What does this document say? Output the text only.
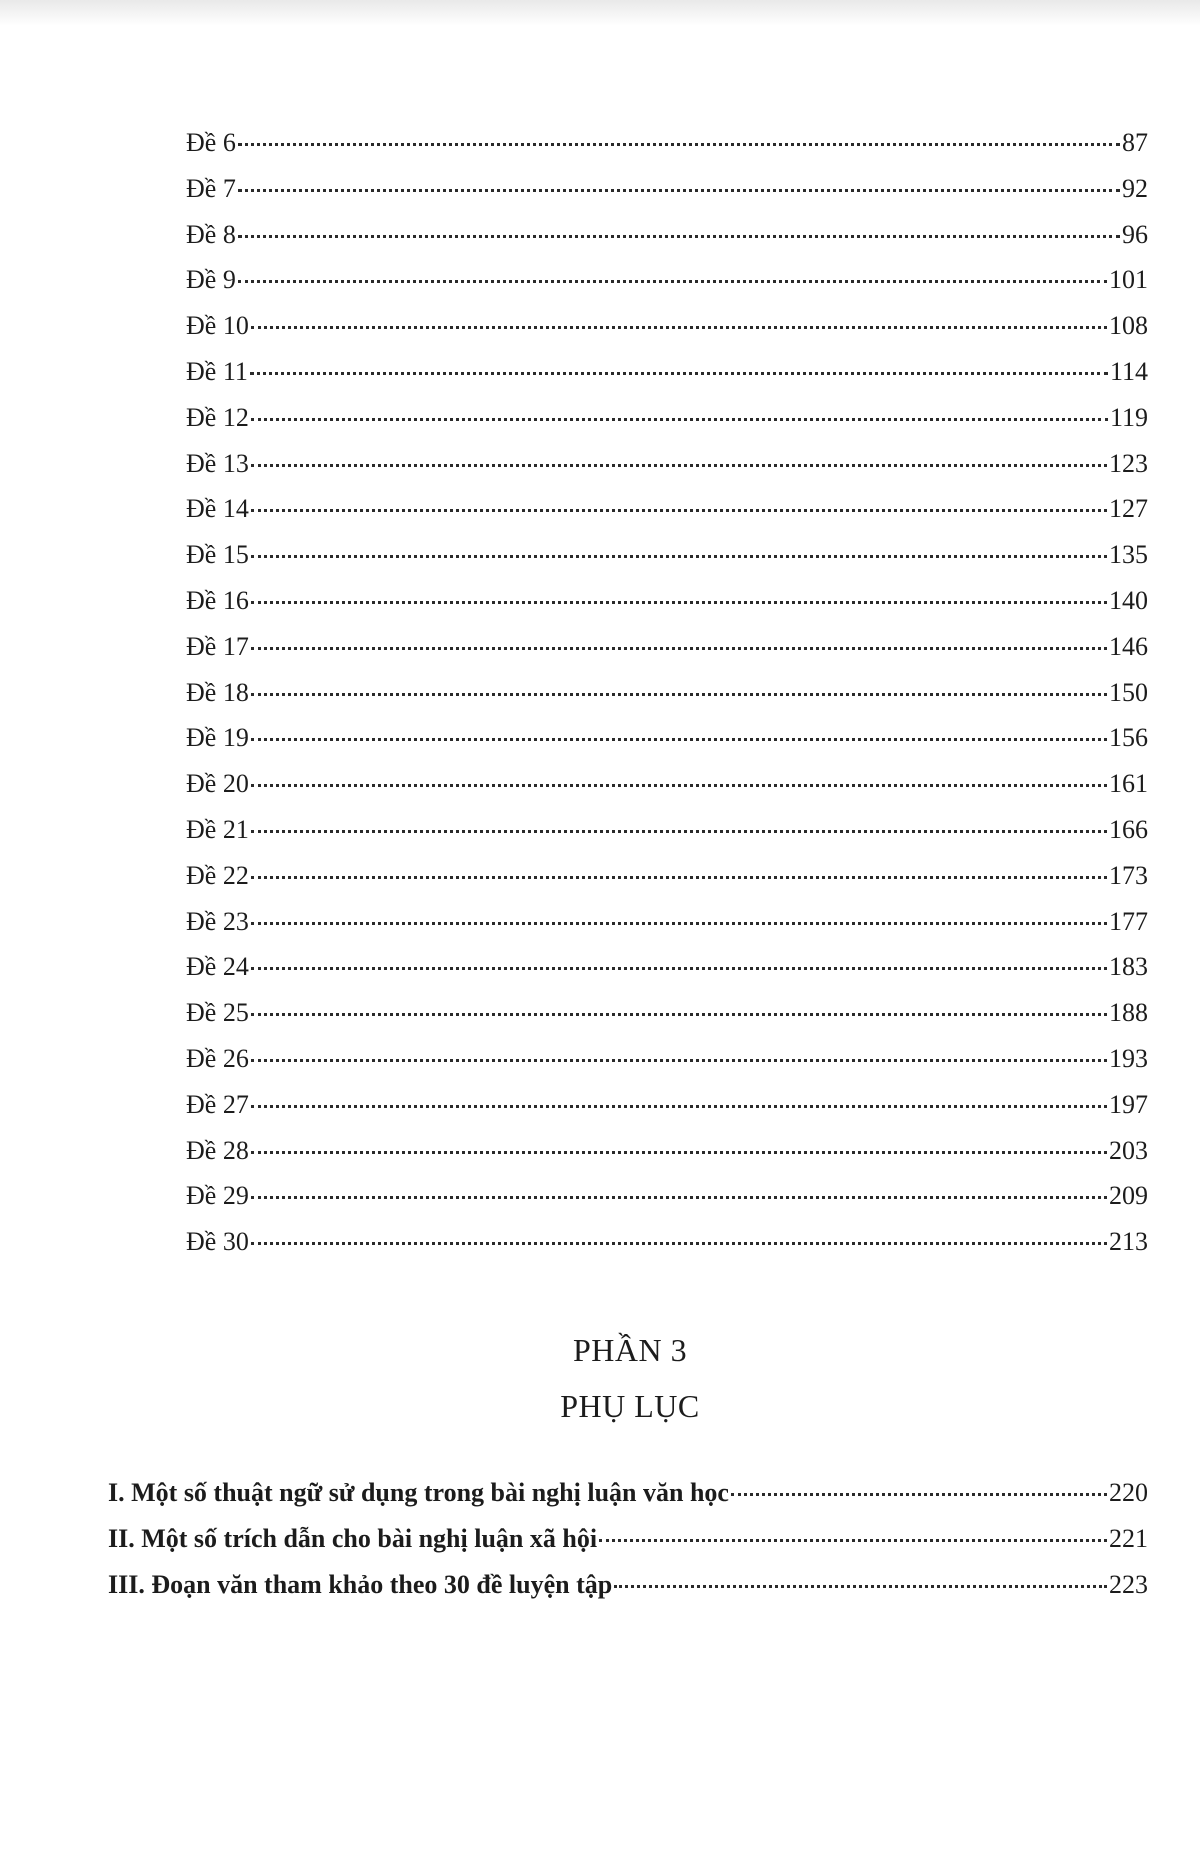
Đề 6	87
Đề 7	92
Đề 8	96
Đề 9	101
Đề 10	108
Đề 11	114
Đề 12	119
Đề 13	123
Đề 14	127
Đề 15	135
Đề 16	140
Đề 17	146
Đề 18	150
Đề 19	156
Đề 20	161
Đề 21	166
Đề 22	173
Đề 23	177
Đề 24	183
Đề 25	188
Đề 26	193
Đề 27	197
Đề 28	203
Đề 29	209
Đề 30	213
PHẦN 3
PHỤ LỤC
I. Một số thuật ngữ sử dụng trong bài nghị luận văn học	220
II. Một số trích dẫn cho bài nghị luận xã hội	221
III. Đoạn văn tham khảo theo 30 đề luyện tập	223
